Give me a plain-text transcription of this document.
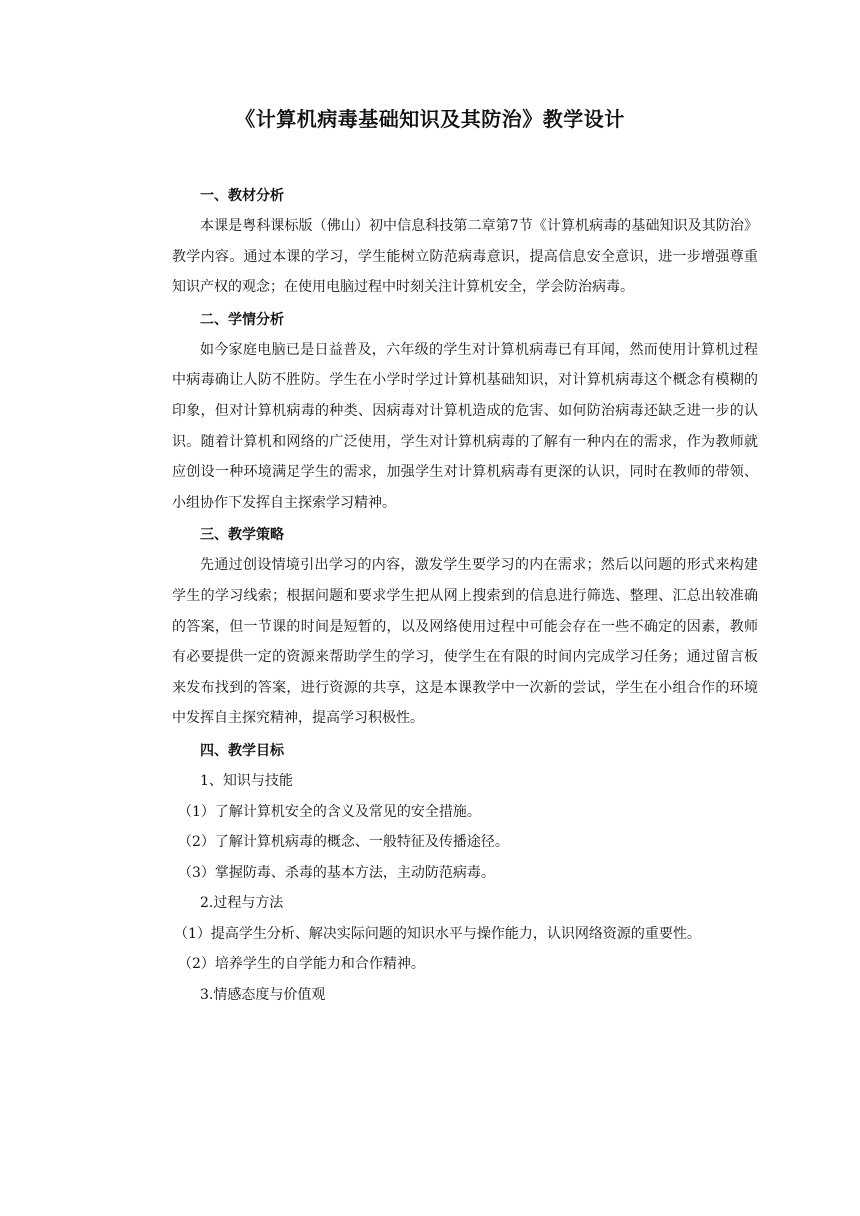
《计算机病毒基础知识及其防治》教学设计
一、教材分析

本课是粤科课标版（佛山）初中信息科技第二章第7节《计算机病毒的基础知识及其防治》教学内容。通过本课的学习，学生能树立防范病毒意识，提高信息安全意识，进一步增强尊重知识产权的观念；在使用电脑过程中时刻关注计算机安全，学会防治病毒。

二、学情分析

如今家庭电脑已是日益普及，六年级的学生对计算机病毒已有耳闻，然而使用计算机过程中病毒确让人防不胜防。学生在小学时学过计算机基础知识，对计算机病毒这个概念有模糊的印象，但对计算机病毒的种类、因病毒对计算机造成的危害、如何防治病毒还缺乏进一步的认识。随着计算机和网络的广泛使用，学生对计算机病毒的了解有一种内在的需求，作为教师就应创设一种环境满足学生的需求，加强学生对计算机病毒有更深的认识，同时在教师的带领、小组协作下发挥自主探索学习精神。

三、教学策略

先通过创设情境引出学习的内容，激发学生要学习的内在需求；然后以问题的形式来构建学生的学习线索；根据问题和要求学生把从网上搜索到的信息进行筛选、整理、汇总出较准确的答案，但一节课的时间是短暂的，以及网络使用过程中可能会存在一些不确定的因素，教师有必要提供一定的资源来帮助学生的学习，使学生在有限的时间内完成学习任务；通过留言板来发布找到的答案，进行资源的共享，这是本课教学中一次新的尝试，学生在小组合作的环境中发挥自主探究精神，提高学习积极性。

四、教学目标
1、知识与技能
（1）了解计算机安全的含义及常见的安全措施。
（2）了解计算机病毒的概念、一般特征及传播途径。
（3）掌握防毒、杀毒的基本方法，主动防范病毒。
2.过程与方法
（1）提高学生分析、解决实际问题的知识水平与操作能力，认识网络资源的重要性。
（2）培养学生的自学能力和合作精神。
3.情感态度与价值观
